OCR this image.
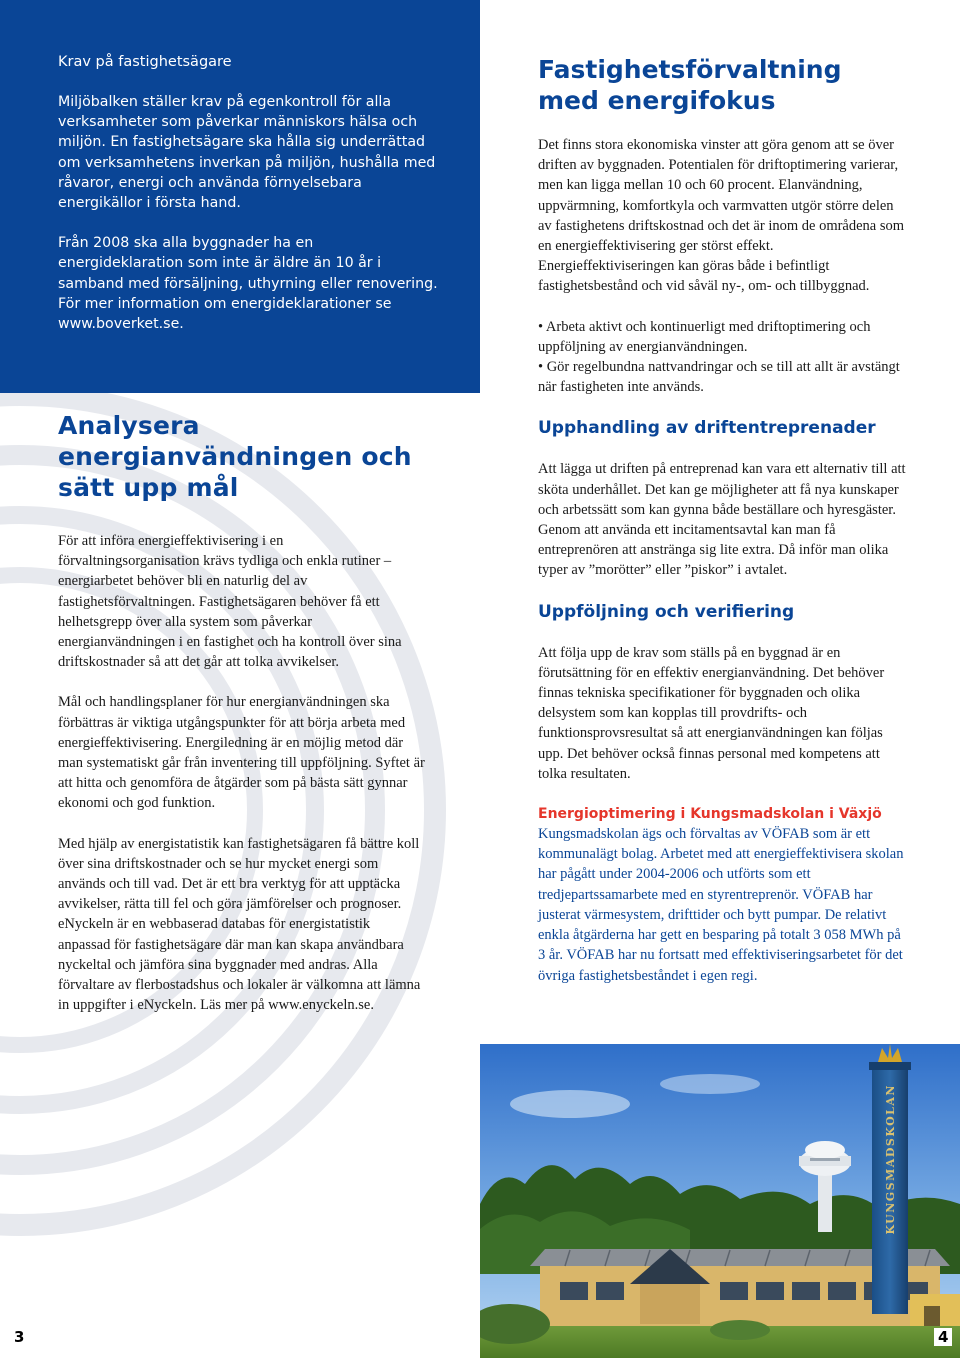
Krav på fastighetsägare

Miljöbalken ställer krav på egenkontroll för alla verksamheter som påverkar människors hälsa och miljön. En fastighetsägare ska hålla sig underrättad om verksamhetens inverkan på miljön, hushålla med råvaror, energi och använda förnyelsebara energikällor i första hand.

Från 2008 ska alla byggnader ha en energideklaration som inte är äldre än 10 år i samband med försäljning, uthyrning eller renovering. För mer information om energideklarationer se www.boverket.se.

Analysera energianvändningen och sätt upp mål

För att införa energieffektivisering i en förvaltningsorganisation krävs tydliga och enkla rutiner – energiarbetet behöver bli en naturlig del av fastighetsförvaltningen. Fastighetsägaren behöver få ett helhetsgrepp över alla system som påverkar energianvändningen i en fastighet och ha kontroll över sina driftskostnader så att det går att tolka avvikelser.

Mål och handlingsplaner för hur energianvändningen ska förbättras är viktiga utgångspunkter för att börja arbeta med energieffektivisering. Energiledning är en möjlig metod där man systematiskt går från inventering till uppföljning. Syftet är att hitta och genomföra de åtgärder som på bästa sätt gynnar ekonomi och god funktion.

Med hjälp av energistatistik kan fastighetsägaren få bättre koll över sina driftskostnader och se hur mycket energi som används och till vad. Det är ett bra verktyg för att upptäcka avvikelser, rätta till fel och göra jämförelser och prognoser. eNyckeln är en webbaserad databas för energistatistik anpassad för fastighetsägare där man kan skapa användbara nyckeltal och jämföra sina byggnader med andras. Alla förvaltare av flerbostadshus och lokaler är välkomna att lämna in uppgifter i eNyckeln. Läs mer på www.enyckeln.se.

Fastighetsförvaltning med energifokus

Det finns stora ekonomiska vinster att göra genom att se över driften av byggnaden. Potentialen för driftoptimering varierar, men kan ligga mellan 10 och 60 procent. Elanvändning, uppvärmning, komfortkyla och varmvatten utgör större delen av fastighetens driftskostnad och det är inom de områdena som en energieffektivisering ger störst effekt. Energieffektiviseringen kan göras både i befintligt fastighetsbestånd och vid såväl ny-, om- och tillbyggnad.

• Arbeta aktivt och kontinuerligt med driftoptimering och uppföljning av energianvändningen.

• Gör regelbundna nattvandringar och se till att allt är avstängt när fastigheten inte används.

Upphandling av driftentreprenader

Att lägga ut driften på entreprenad kan vara ett alternativ till att sköta underhållet. Det kan ge möjligheter att få nya kunskaper och arbetssätt som kan gynna både beställare och hyresgäster. Genom att använda ett incitamentsavtal kan man få entreprenören att anstränga sig lite extra. Då inför man olika typer av ”morötter” eller ”piskor” i avtalet.

Uppföljning och verifiering

Att följa upp de krav som ställs på en byggnad är en förutsättning för en effektiv energianvändning. Det behöver finnas tekniska specifikationer för byggnaden och olika delsystem som kan kopplas till provdrifts- och funktionsprovsresultat så att energianvändningen kan följas upp. Det behöver också finnas personal med kompetens att tolka resultaten.

Energioptimering i Kungsmadskolan i Växjö

Kungsmadskolan ägs och förvaltas av VÖFAB som är ett kommunalägt bolag. Arbetet med att energieffektivisera skolan har pågått under 2004-2006 och utförts som ett tredjepartssamarbete med en styrentreprenör. VÖFAB har justerat värmesystem, drifttider och bytt pumpar. De relativt enkla åtgärderna har gett en besparing på totalt 3 058 MWh på 3 år. VÖFAB har nu fortsatt med effektiviseringsarbetet för det övriga fastighetsbeståndet i egen regi.

KUNGSMADSKOLAN
3	4
